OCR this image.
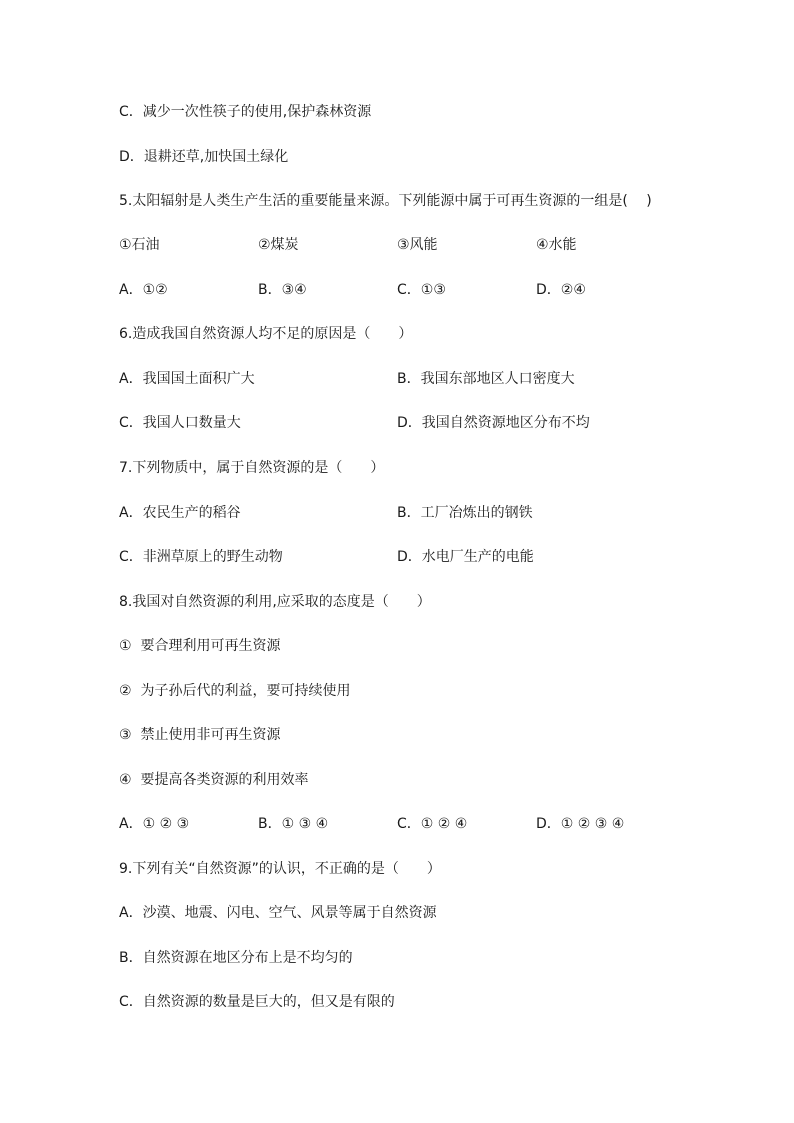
C．减少一次性筷子的使用,保护森林资源
D．退耕还草,加快国土绿化
5.太阳辐射是人类生产生活的重要能量来源。下列能源中属于可再生资源的一组是(　 )
①石油	②煤炭	③风能	④水能
A．①②	B．③④	C．①③	D．②④
6.造成我国自然资源人均不足的原因是（　　）
A．我国国土面积广大	B．我国东部地区人口密度大
C．我国人口数量大	D．我国自然资源地区分布不均
7.下列物质中，属于自然资源的是（　　）
A．农民生产的稻谷	B．工厂冶炼出的钢铁
C．非洲草原上的野生动物	D．水电厂生产的电能
8.我国对自然资源的利用,应采取的态度是（　　）
①  要合理利用可再生资源
②  为子孙后代的利益，要可持续使用
③  禁止使用非可再生资源
④  要提高各类资源的利用效率
A．① ② ③	B．① ③ ④	C．① ② ④	D．① ② ③ ④
9.下列有关“自然资源”的认识，不正确的是（　　）
A．沙漠、地震、闪电、空气、风景等属于自然资源
B．自然资源在地区分布上是不均匀的
C．自然资源的数量是巨大的，但又是有限的
